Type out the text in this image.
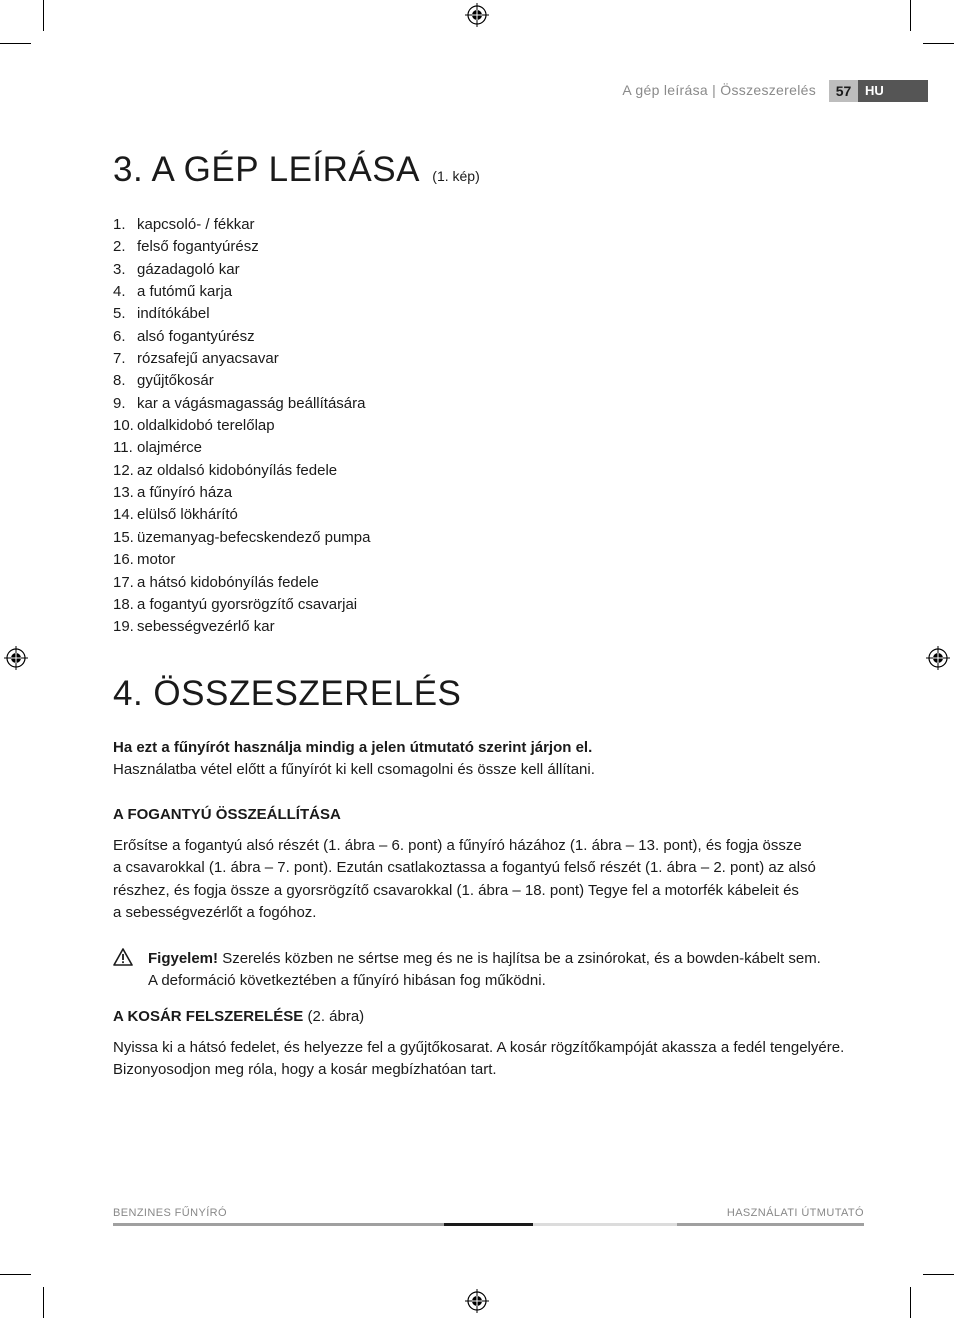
A gép leírása | Összeszerelés	57	HU
3. A GÉP LEÍRÁSA (1. kép)
1. kapcsoló- / fékkar
2. felső fogantyúrész
3. gázadagoló kar
4. a futómű karja
5. indítókábel
6. alsó fogantyúrész
7. rózsafejű anyacsavar
8. gyűjtőkosár
9. kar a vágásmagasság beállítására
10. oldalkidobó terelőlap
11. olajmérce
12. az oldalsó kidobónyílás fedele
13. a fűnyíró háza
14. elülső lökhárító
15. üzemanyag-befecskendező pumpa
16. motor
17. a hátsó kidobónyílás fedele
18. a fogantyú gyorsrögzítő csavarjai
19. sebességvezérlő kar
4. ÖSSZESZERELÉS
Ha ezt a fűnyírót használja mindig a jelen útmutató szerint járjon el.
Használatba vétel előtt a fűnyírót ki kell csomagolni és össze kell állítani.
A FOGANTYÚ ÖSSZEÁLLÍTÁSA
Erősítse a fogantyú alsó részét (1. ábra – 6. pont) a fűnyíró házához (1. ábra – 13. pont), és fogja össze
a csavarokkal (1. ábra – 7. pont). Ezután csatlakoztassa a fogantyú felső részét (1. ábra – 2. pont) az alsó
részhez, és fogja össze a gyorsrögzítő csavarokkal (1. ábra – 18. pont) Tegye fel a motorfék kábeleit és
a sebességvezérlőt a fogóhoz.
Figyelem! Szerelés közben ne sértse meg és ne is hajlítsa be a zsinórokat, és a bowden-kábelt sem.
A deformáció következtében a fűnyíró hibásan fog működni.
A KOSÁR FELSZERELÉSE (2. ábra)
Nyissa ki a hátsó fedelet, és helyezze fel a gyűjtőkosarat. A kosár rögzítőkampóját akassza a fedél tengelyére.
Bizonyosodjon meg róla, hogy a kosár megbízhatóan tart.
BENZINES FŰNYÍRÓ	HASZNÁLATI ÚTMUTATÓ
